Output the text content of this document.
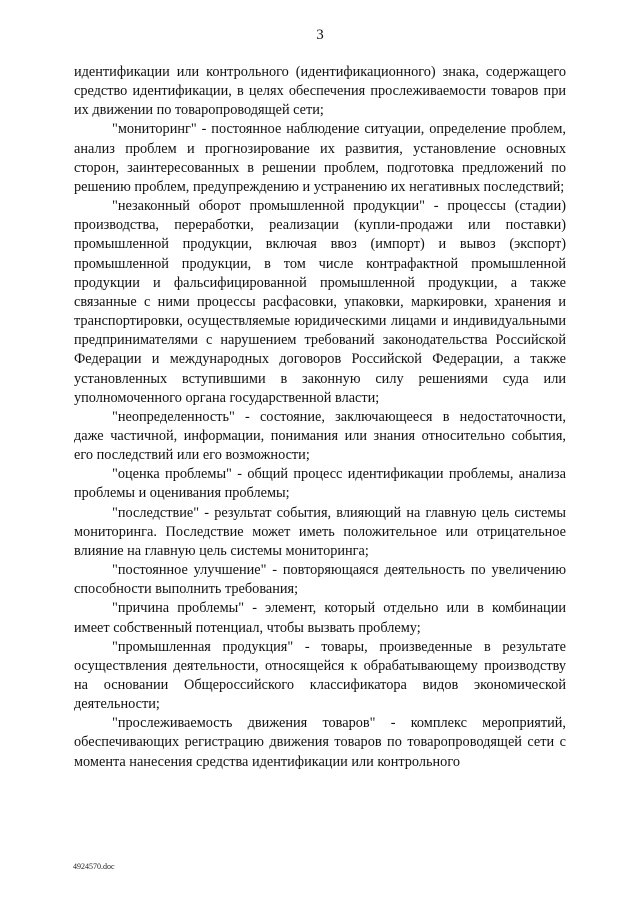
3

идентификации или контрольного (идентификационного) знака, содержащего средство идентификации, в целях обеспечения прослеживаемости товаров при их движении по товаропроводящей сети;

"мониторинг" - постоянное наблюдение ситуации, определение проблем, анализ проблем и прогнозирование их развития, установление основных сторон, заинтересованных в решении проблем, подготовка предложений по решению проблем, предупреждению и устранению их негативных последствий;

"незаконный оборот промышленной продукции" - процессы (стадии) производства, переработки, реализации (купли-продажи или поставки) промышленной продукции, включая ввоз (импорт) и вывоз (экспорт) промышленной продукции, в том числе контрафактной промышленной продукции и фальсифицированной промышленной продукции, а также связанные с ними процессы расфасовки, упаковки, маркировки, хранения и транспортировки, осуществляемые юридическими лицами и индивидуальными предпринимателями с нарушением требований законодательства Российской Федерации и международных договоров Российской Федерации, а также установленных вступившими в законную силу решениями суда или уполномоченного органа государственной власти;

"неопределенность" - состояние, заключающееся в недостаточности, даже частичной, информации, понимания или знания относительно события, его последствий или его возможности;

"оценка проблемы" - общий процесс идентификации проблемы, анализа проблемы и оценивания проблемы;

"последствие" - результат события, влияющий на главную цель системы мониторинга. Последствие может иметь положительное или отрицательное влияние на главную цель системы мониторинга;

"постоянное улучшение" - повторяющаяся деятельность по увеличению способности выполнить требования;

"причина проблемы" - элемент, который отдельно или в комбинации имеет собственный потенциал, чтобы вызвать проблему;

"промышленная продукция" - товары, произведенные в результате осуществления деятельности, относящейся к обрабатывающему производству на основании Общероссийского классификатора видов экономической деятельности;

"прослеживаемость движения товаров" - комплекс мероприятий, обеспечивающих регистрацию движения товаров по товаропроводящей сети с момента нанесения средства идентификации или контрольного

4924570.doc
